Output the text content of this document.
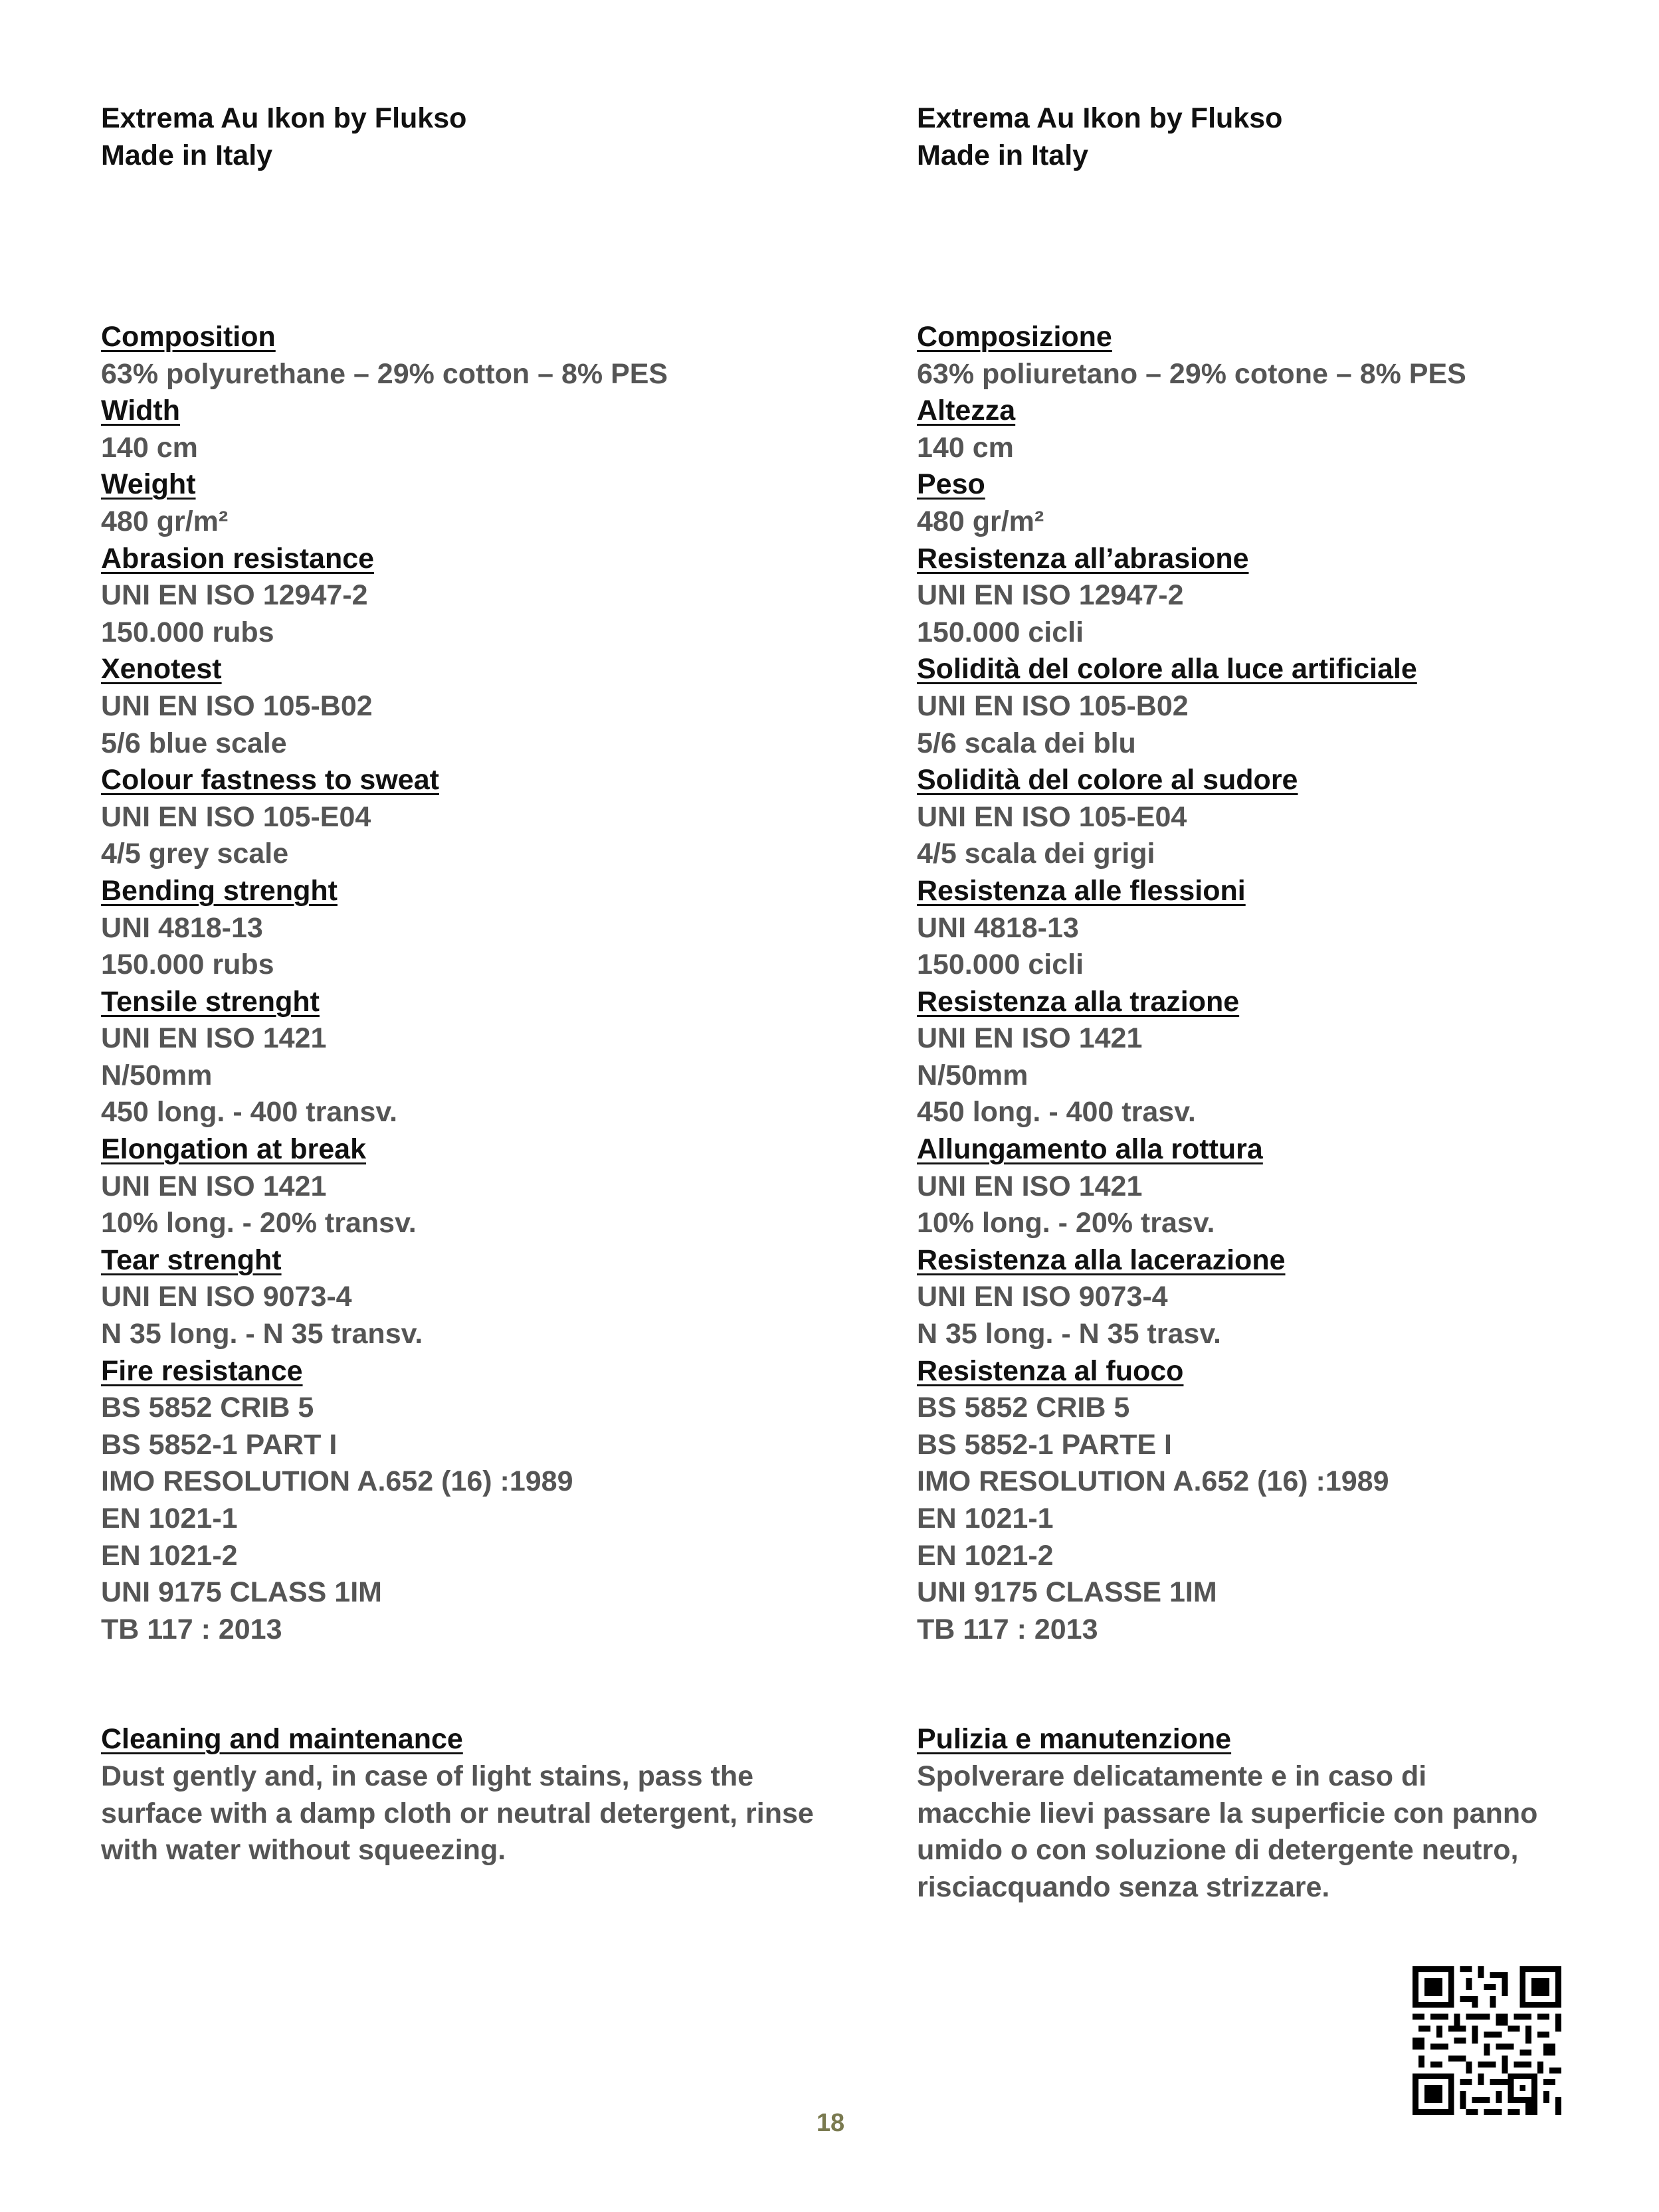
Extrema Au Ikon by Flukso
Made in Italy
Composition
63% polyurethane – 29% cotton – 8% PES
Width
140 cm
Weight
480 gr/m²
Abrasion resistance
UNI EN ISO 12947-2
150.000 rubs
Xenotest
UNI EN ISO 105-B02
5/6 blue scale
Colour fastness to sweat
UNI EN ISO 105-E04
4/5 grey scale
Bending strenght
UNI 4818-13
150.000 rubs
Tensile strenght
UNI EN ISO 1421
N/50mm
450 long. - 400 transv.
Elongation at break
UNI EN ISO 1421
10% long. - 20% transv.
Tear strenght
UNI EN ISO 9073-4
N 35 long. - N 35 transv.
Fire resistance
BS 5852 CRIB 5
BS 5852-1 PART I
IMO RESOLUTION A.652 (16) :1989
EN 1021-1
EN 1021-2
UNI 9175 CLASS 1IM
TB 117 : 2013
Cleaning and maintenance
Dust gently and, in case of light stains, pass the
surface with a damp cloth or neutral detergent, rinse
with water without squeezing.
Extrema Au Ikon by Flukso
Made in Italy
Composizione
63% poliuretano – 29% cotone – 8% PES
Altezza
140 cm
Peso
480 gr/m²
Resistenza all’abrasione
UNI EN ISO 12947-2
150.000 cicli
Solidità del colore alla luce artificiale
UNI EN ISO 105-B02
5/6 scala dei blu
Solidità del colore al sudore
UNI EN ISO 105-E04
4/5 scala dei grigi
Resistenza alle flessioni
UNI 4818-13
150.000 cicli
Resistenza alla trazione
UNI EN ISO 1421
N/50mm
450 long. - 400 trasv.
Allungamento alla rottura
UNI EN ISO 1421
10% long. - 20% trasv.
Resistenza alla lacerazione
UNI EN ISO 9073-4
N 35 long. - N 35 trasv.
Resistenza al fuoco
BS 5852 CRIB 5
BS 5852-1 PARTE I
IMO RESOLUTION A.652 (16) :1989
EN 1021-1
EN 1021-2
UNI 9175 CLASSE 1IM
TB 117 : 2013
Pulizia e manutenzione
Spolverare delicatamente e in caso di
macchie lievi passare la superficie con panno
umido o con soluzione di detergente neutro,
risciacquando senza strizzare.
18
